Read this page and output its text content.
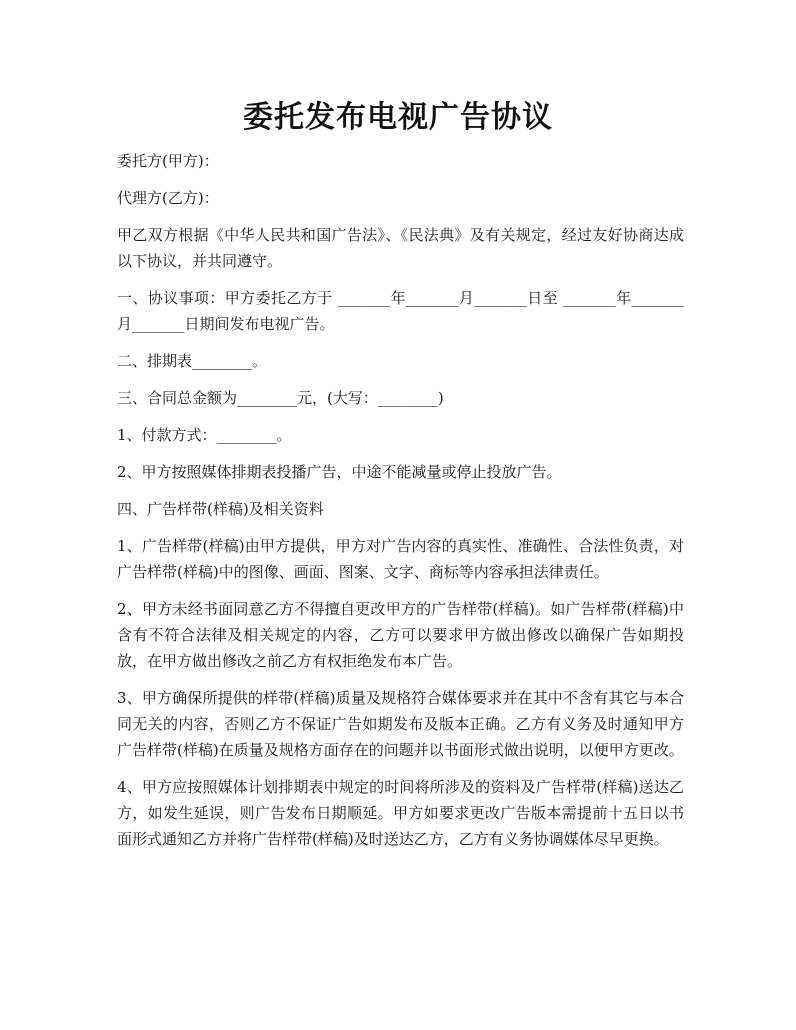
委托发布电视广告协议

委托方(甲方)：

代理方(乙方)：

甲乙双方根据《中华人民共和国广告法》、《民法典》及有关规定，经过友好协商达成以下协议，并共同遵守。

一、协议事项：甲方委托乙方于 _______年_______月_______日至 _______年_______月_______日期间发布电视广告。

二、排期表________。

三、合同总金额为________元，(大写：________)

1、付款方式：________。

2、甲方按照媒体排期表投播广告，中途不能减量或停止投放广告。

四、广告样带(样稿)及相关资料

1、广告样带(样稿)由甲方提供，甲方对广告内容的真实性、准确性、合法性负责，对广告样带(样稿)中的图像、画面、图案、文字、商标等内容承担法律责任。

2、甲方未经书面同意乙方不得擅自更改甲方的广告样带(样稿)。如广告样带(样稿)中含有不符合法律及相关规定的内容，乙方可以要求甲方做出修改以确保广告如期投放，在甲方做出修改之前乙方有权拒绝发布本广告。

3、甲方确保所提供的样带(样稿)质量及规格符合媒体要求并在其中不含有其它与本合同无关的内容，否则乙方不保证广告如期发布及版本正确。乙方有义务及时通知甲方广告样带(样稿)在质量及规格方面存在的问题并以书面形式做出说明，以便甲方更改。

4、甲方应按照媒体计划排期表中规定的时间将所涉及的资料及广告样带(样稿)送达乙方，如发生延误，则广告发布日期顺延。甲方如要求更改广告版本需提前十五日以书面形式通知乙方并将广告样带(样稿)及时送达乙方，乙方有义务协调媒体尽早更换。
